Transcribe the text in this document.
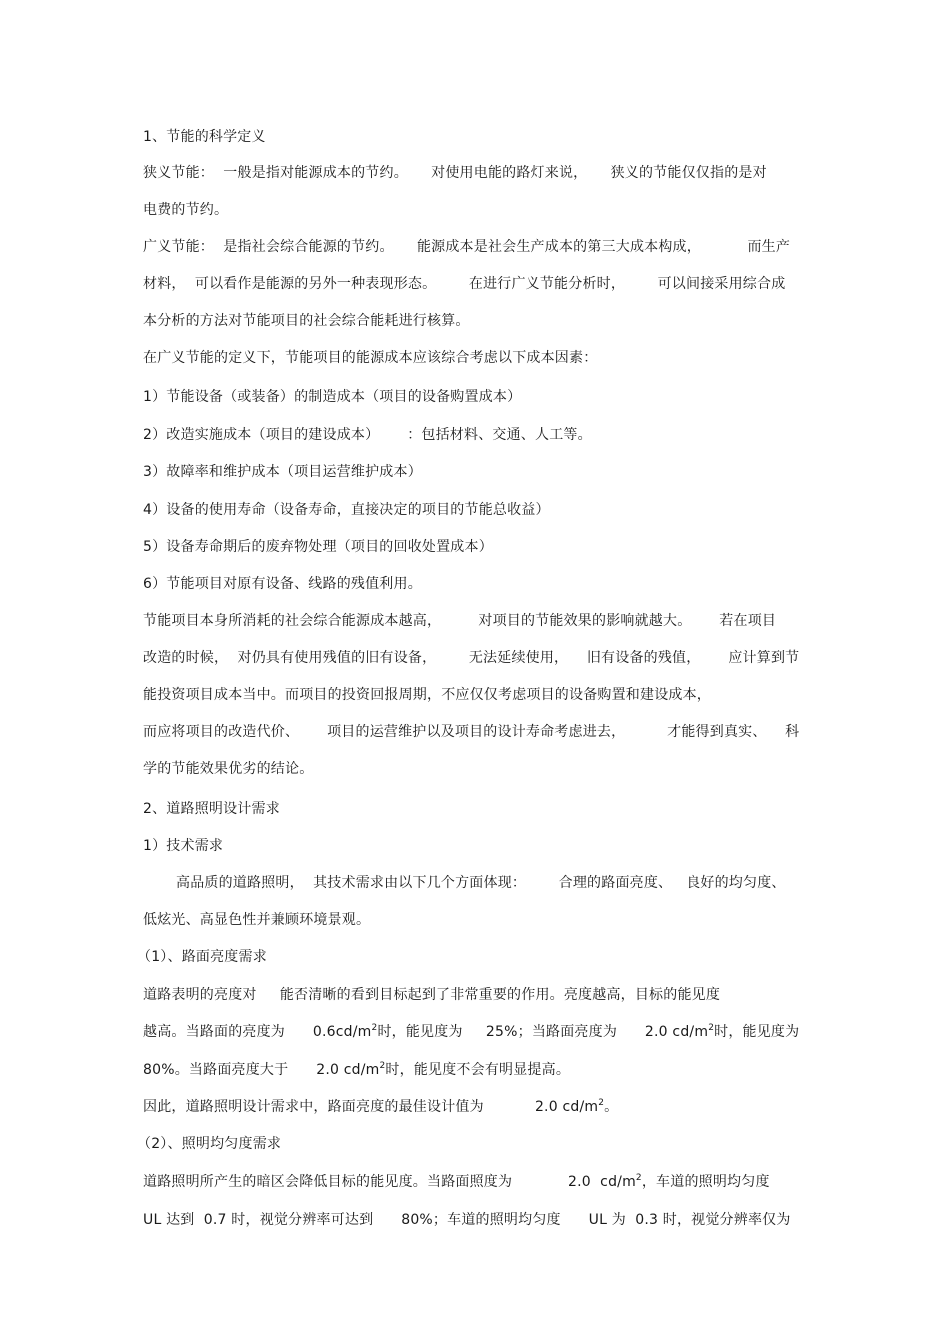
1、节能的科学定义
狭义节能：  一般是指对能源成本的节约。     对使用电能的路灯来说，     狭义的节能仅仅指的是对
电费的节约。
广义节能：  是指社会综合能源的节约。     能源成本是社会生产成本的第三大成本构成，          而生产
材料，  可以看作是能源的另外一种表现形态。       在进行广义节能分析时，       可以间接采用综合成
本分析的方法对节能项目的社会综合能耗进行核算。
在广义节能的定义下，节能项目的能源成本应该综合考虑以下成本因素：
1）节能设备（或装备）的制造成本（项目的设备购置成本）
2）改造实施成本（项目的建设成本）      ：包括材料、交通、人工等。
3）故障率和维护成本（项目运营维护成本）
4）设备的使用寿命（设备寿命，直接决定的项目的节能总收益）
5）设备寿命期后的废弃物处理（项目的回收处置成本）
6）节能项目对原有设备、线路的残值利用。
节能项目本身所消耗的社会综合能源成本越高，        对项目的节能效果的影响就越大。      若在项目
改造的时候，  对仍具有使用残值的旧有设备，       无法延续使用，    旧有设备的残值，      应计算到节
能投资项目成本当中。而项目的投资回报周期，不应仅仅考虑项目的设备购置和建设成本，
而应将项目的改造代价、      项目的运营维护以及项目的设计寿命考虑进去，         才能得到真实、    科
学的节能效果优劣的结论。
2、道路照明设计需求
1）技术需求
高品质的道路照明，  其技术需求由以下几个方面体现：       合理的路面亮度、   良好的均匀度、
低炫光、高显色性并兼顾环境景观。
（1）、路面亮度需求
道路表明的亮度对     能否清晰的看到目标起到了非常重要的作用。亮度越高，目标的能见度
越高。当路面的亮度为      $0.6cd/m^2$时，能见度为     25%；当路面亮度为      2.0 $cd/m^2$时，能见度为
80%。当路面亮度大于      2.0 $cd/m^2$时，能见度不会有明显提高。
因此，道路照明设计需求中，路面亮度的最佳设计值为           2.0 $cd/m^2$。
（2）、照明均匀度需求
道路照明所产生的暗区会降低目标的能见度。当路面照度为            2.0  $cd/m^2$，车道的照明均匀度
UL 达到  0.7 时，视觉分辨率可达到      80%；车道的照明均匀度      UL 为  0.3 时，视觉分辨率仅为
